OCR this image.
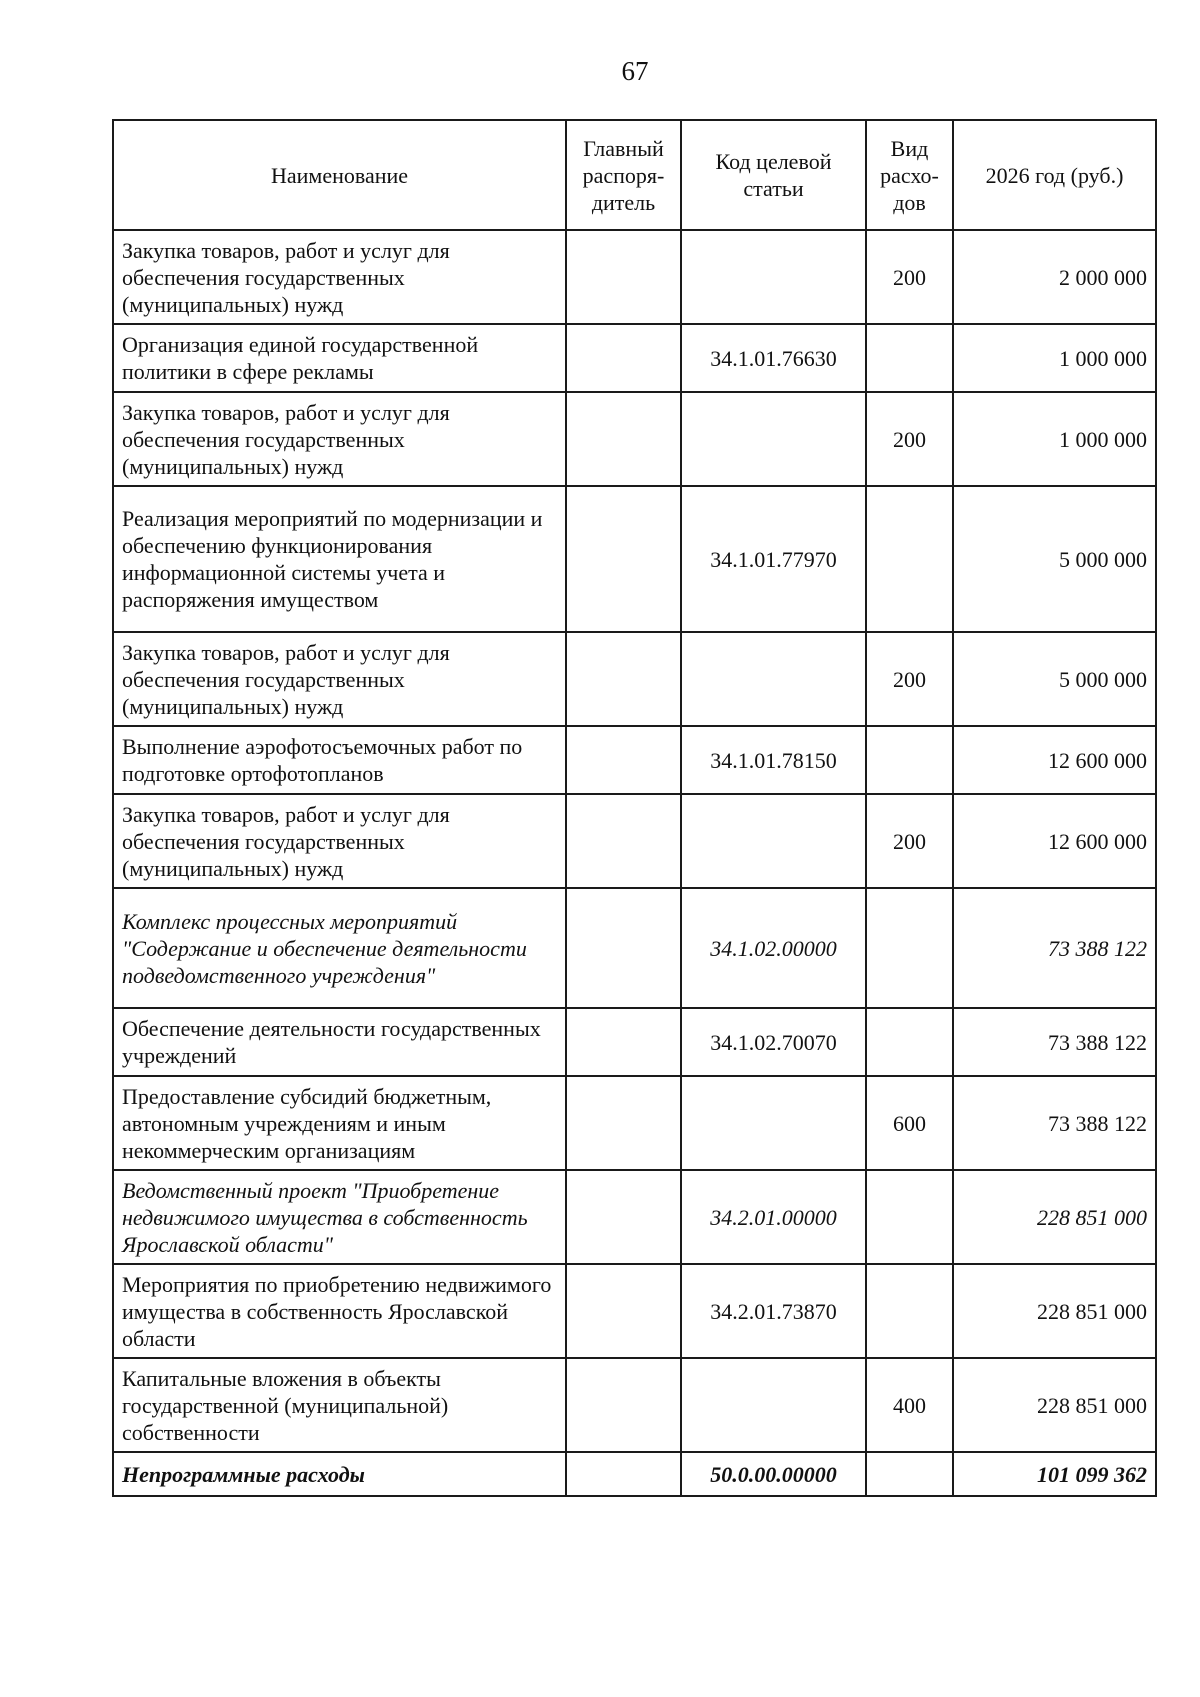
67
Наименование	Главный распоря-дитель	Код целевой статьи	Вид расхо-дов	2026 год (руб.)
Закупка товаров, работ и услуг для обеспечения государственных (муниципальных) нужд			200	2 000 000
Организация единой государственной политики в сфере рекламы		34.1.01.76630		1 000 000
Закупка товаров, работ и услуг для обеспечения государственных (муниципальных) нужд			200	1 000 000
Реализация мероприятий по модернизации и обеспечению функционирования информационной системы учета и распоряжения имуществом		34.1.01.77970		5 000 000
Закупка товаров, работ и услуг для обеспечения государственных (муниципальных) нужд			200	5 000 000
Выполнение аэрофотосъемочных работ по подготовке ортофотопланов		34.1.01.78150		12 600 000
Закупка товаров, работ и услуг для обеспечения государственных (муниципальных) нужд			200	12 600 000
Комплекс процессных мероприятий "Содержание и обеспечение деятельности подведомственного учреждения"		34.1.02.00000		73 388 122
Обеспечение деятельности государственных учреждений		34.1.02.70070		73 388 122
Предоставление субсидий бюджетным, автономным учреждениям и иным некоммерческим организациям			600	73 388 122
Ведомственный проект "Приобретение недвижимого имущества в собственность Ярославской области"		34.2.01.00000		228 851 000
Мероприятия по приобретению недвижимого имущества в собственность Ярославской области		34.2.01.73870		228 851 000
Капитальные вложения в объекты государственной (муниципальной) собственности			400	228 851 000
Непрограммные расходы		50.0.00.00000		101 099 362
